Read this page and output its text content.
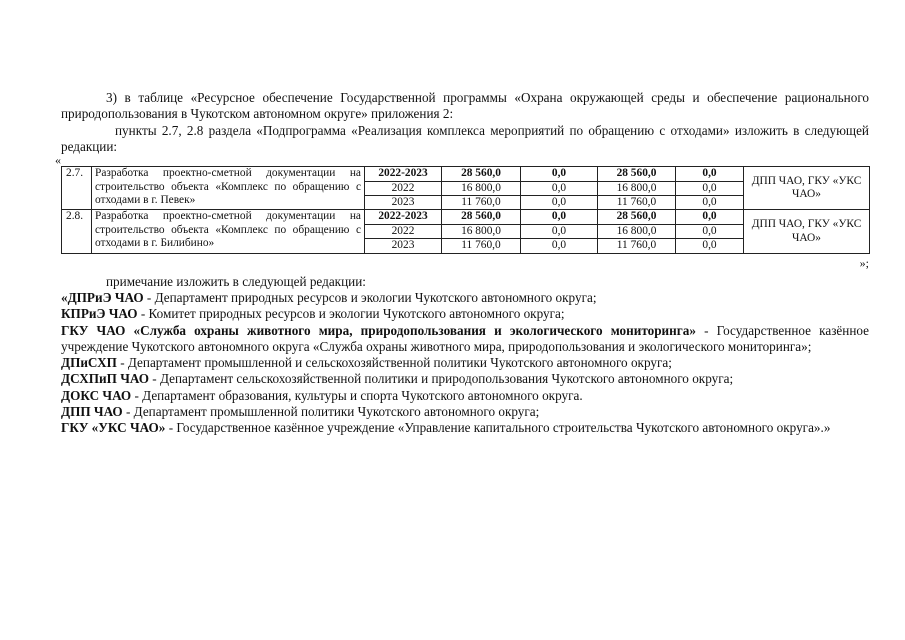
3) в таблице «Ресурсное обеспечение Государственной программы «Охрана окружающей среды и обеспечение рационального природопользования в Чукотском автономном округе» приложения 2:

пункты 2.7, 2.8 раздела «Подпрограмма «Реализация комплекса мероприятий по обращению с отходами» изложить в следующей редакции:

«
2.7.	Разработка проектно-сметной документации на строительство объекта «Комплекс по обращению с отходами в г. Певек»	2022-2023	28 560,0	0,0	28 560,0	0,0	ДПП ЧАО, ГКУ «УКС ЧАО»
		2022	16 800,0	0,0	16 800,0	0,0	
		2023	11 760,0	0,0	11 760,0	0,0	
2.8.	Разработка проектно-сметной документации на строительство объекта «Комплекс по обращению с отходами в г. Билибино»	2022-2023	28 560,0	0,0	28 560,0	0,0	ДПП ЧАО, ГКУ «УКС ЧАО»
		2022	16 800,0	0,0	16 800,0	0,0	
		2023	11 760,0	0,0	11 760,0	0,0	
»;

примечание изложить в следующей редакции:

«ДПРиЭ ЧАО - Департамент природных ресурсов и экологии Чукотского автономного округа;

КПРиЭ ЧАО - Комитет природных ресурсов и экологии Чукотского автономного округа;

ГКУ ЧАО «Служба охраны животного мира, природопользования и экологического мониторинга» - Государственное казённое учреждение Чукотского автономного округа «Служба охраны животного мира, природопользования и экологического мониторинга»;

ДПиСХП - Департамент промышленной и сельскохозяйственной политики Чукотского автономного округа;

ДСХПиП ЧАО - Департамент сельскохозяйственной политики и природопользования Чукотского автономного округа;

ДОКС ЧАО - Департамент образования, культуры и спорта Чукотского автономного округа.

ДПП ЧАО - Департамент промышленной политики Чукотского автономного округа;

ГКУ «УКС ЧАО» - Государственное казённое учреждение «Управление капитального строительства Чукотского автономного округа».»
